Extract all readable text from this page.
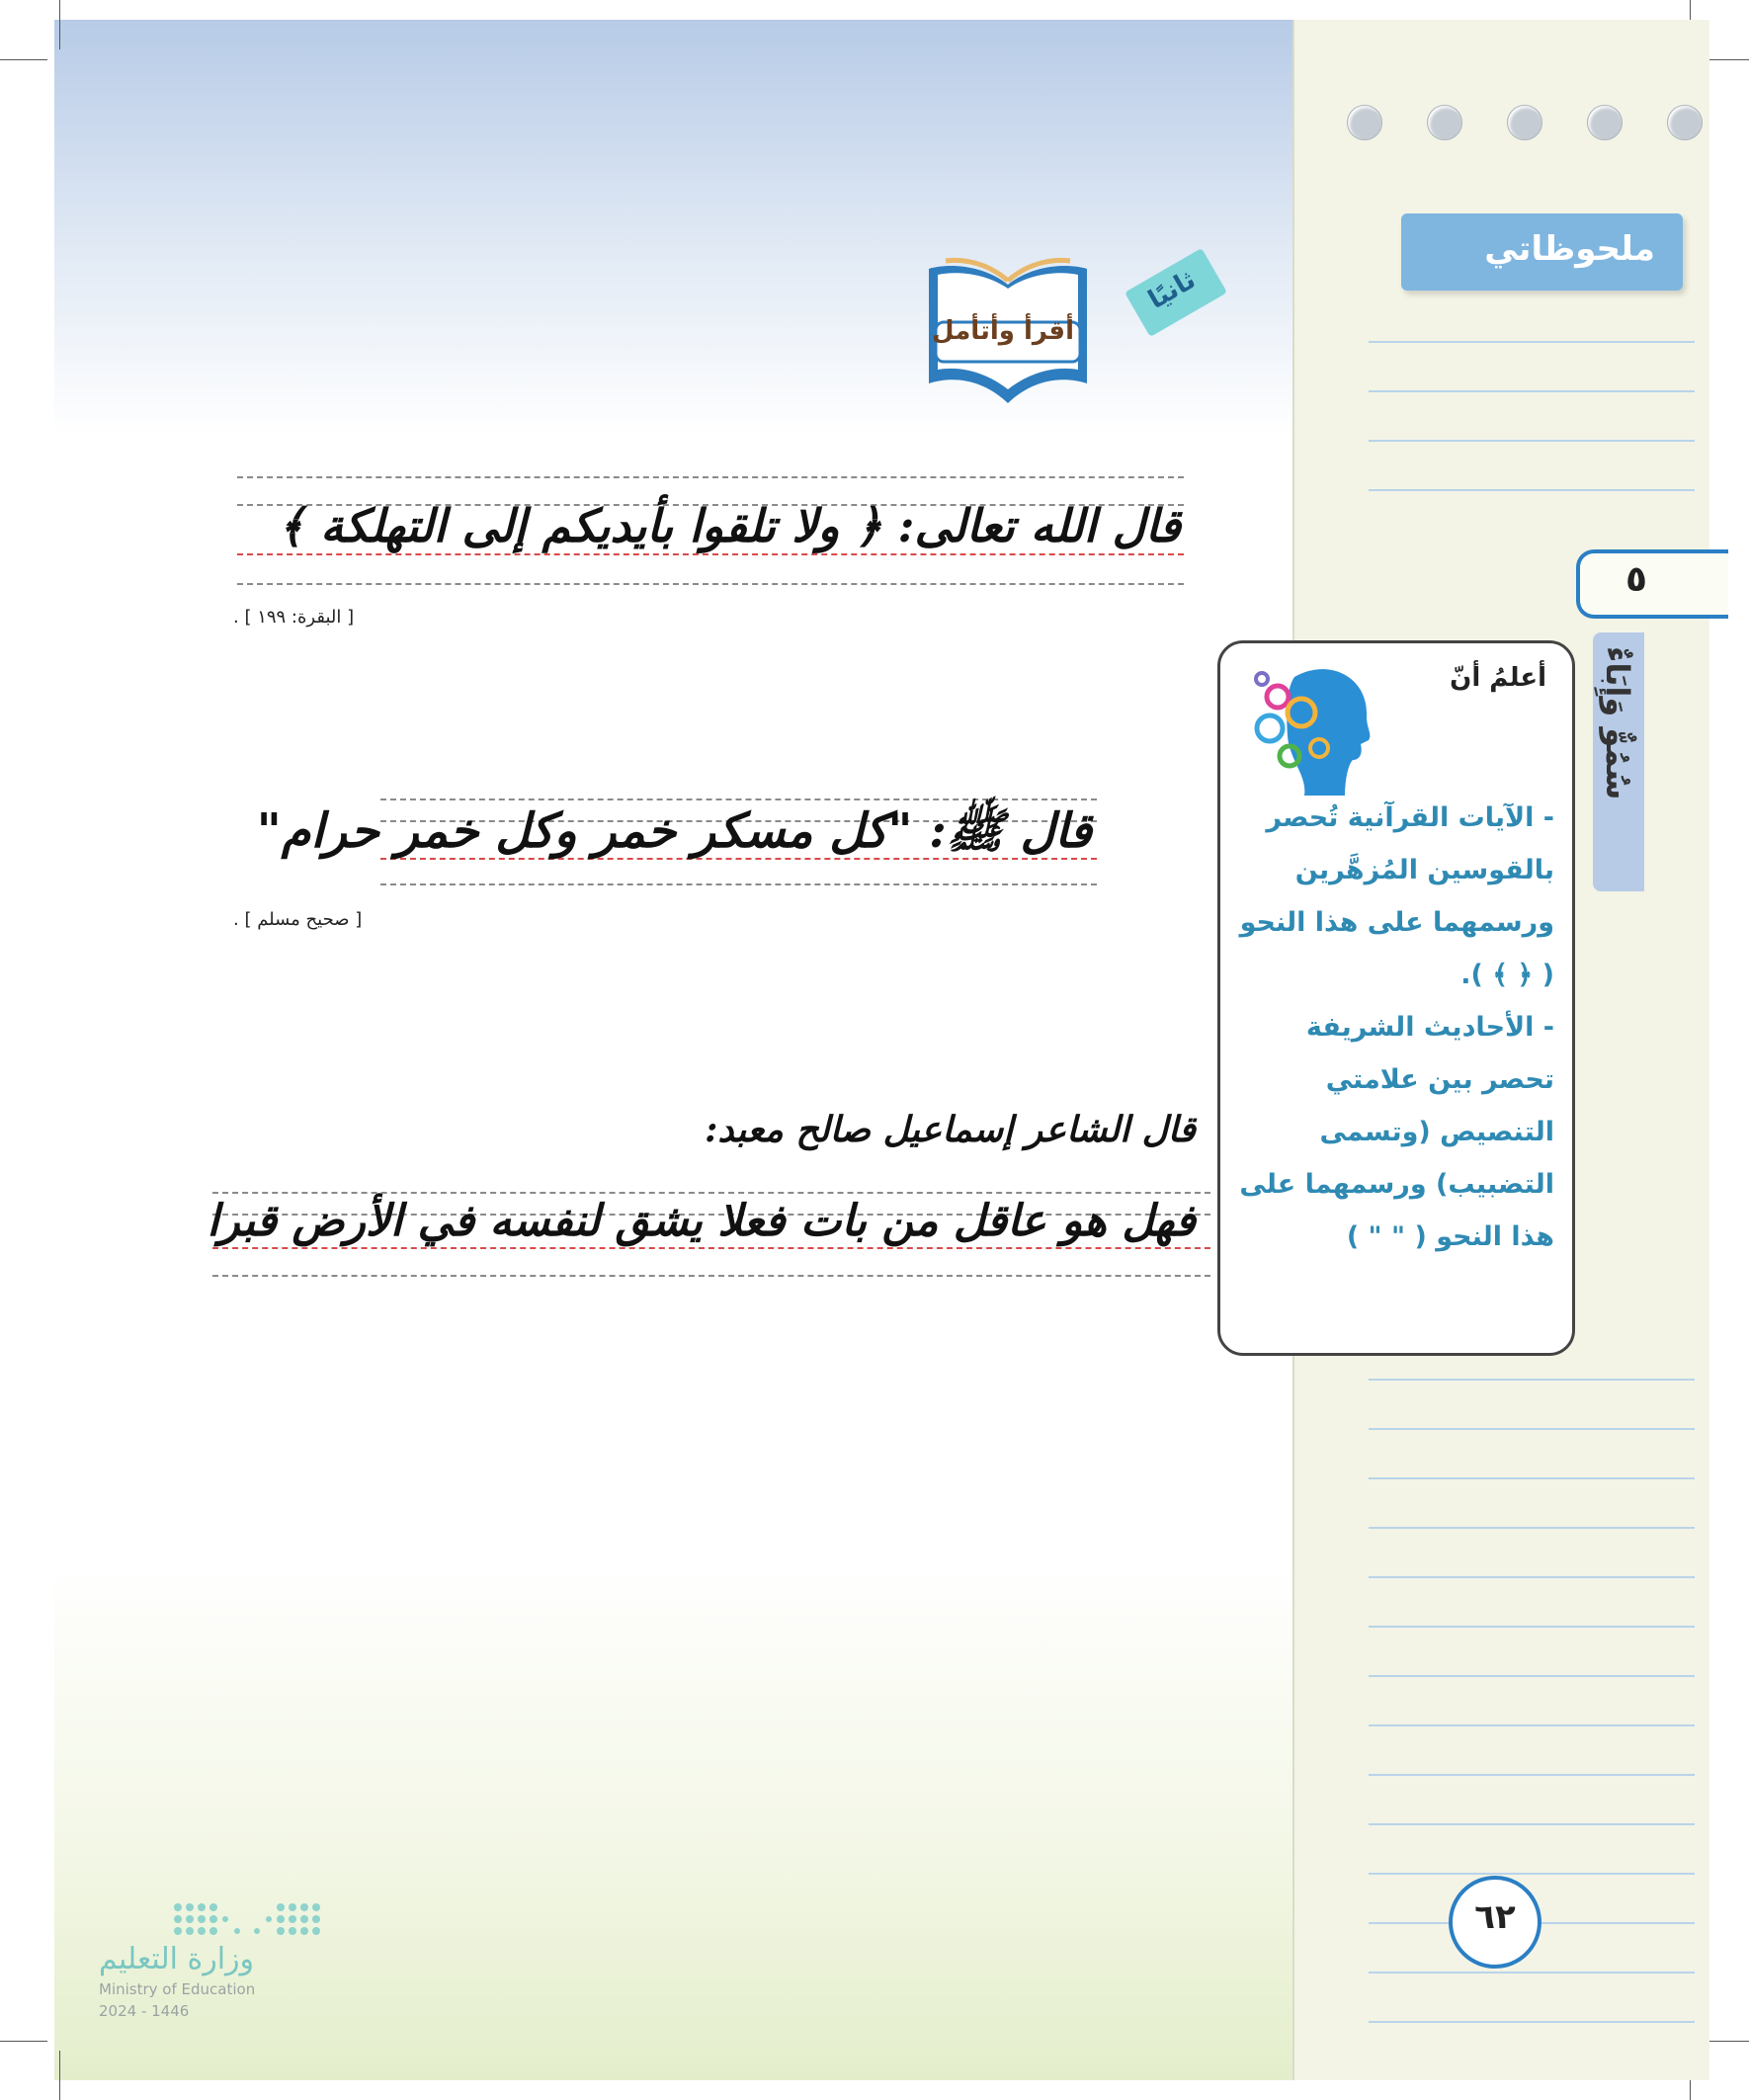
ملحوظاتي
٥
سُمُوٌّ وَإِبَاءٌ
ثانيًا
أقرأ وأتأمل
قال الله تعالى: ﴿ ولا تلقوا بأيديكم إلى التهلكة ﴾
[ البقرة: ١٩٩ ] .
قال ﷺ: "كل مسكر خمر وكل خمر حرام"
[ صحيح مسلم ] .
قال الشاعر إسماعيل صالح معبد:
فهل هو عاقل من بات فعلا يشق لنفسه في الأرض قبرا
أعلمُ أنّ
- الآيات القرآنية تُحصر بالقوسين المُزهَّرين ورسمهما على هذا النحو ( ﴿ ﴾ ).
- الأحاديث الشريفة تحصر بين علامتي التنصيص (وتسمى التضبيب) ورسمهما على هذا النحو ( " " )
٦٢
وزارة التعليم
Ministry of Education
2024 - 1446
